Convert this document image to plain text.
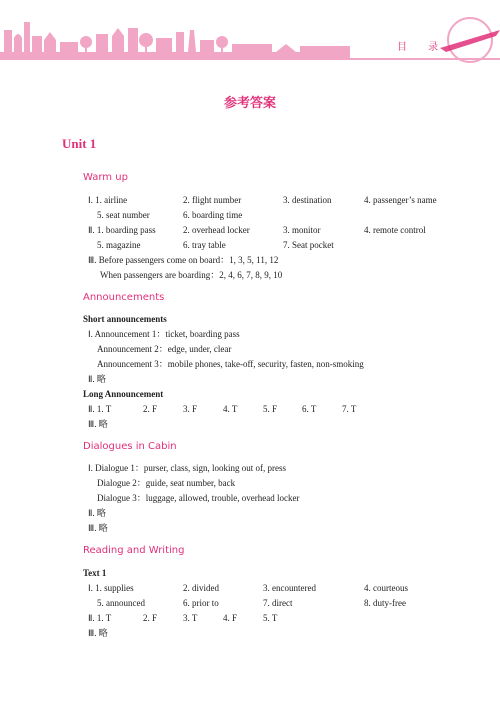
目 录
参考答案
Unit 1
Warm up
Ⅰ. 1. airline	2. flight number	3. destination	4. passenger’s name
5. seat number	6. boarding time
Ⅱ. 1. boarding pass	2. overhead locker	3. monitor	4. remote control
5. magazine	6. tray table	7. Seat pocket
Ⅲ. Before passengers come on board：1, 3, 5, 11, 12
When passengers are boarding：2, 4, 6, 7, 8, 9, 10
Announcements
Short announcements
Ⅰ. Announcement 1：ticket, boarding pass
Announcement 2：edge, under, clear
Announcement 3：mobile phones, take-off, security, fasten, non-smoking
Ⅱ. 略
Long Announcement
Ⅱ. 1. T	2. F	3. F	4. T	5. F	6. T	7. T
Ⅲ. 略
Dialogues in Cabin
Ⅰ. Dialogue 1：purser, class, sign, looking out of, press
Dialogue 2：guide, seat number, back
Dialogue 3：luggage, allowed, trouble, overhead locker
Ⅱ. 略
Ⅲ. 略
Reading and Writing
Text 1
Ⅰ. 1. supplies	2. divided	3. encountered	4. courteous
5. announced	6. prior to	7. direct	8. duty-free
Ⅱ. 1. T	2. F	3. T	4. F	5. T
Ⅲ. 略
